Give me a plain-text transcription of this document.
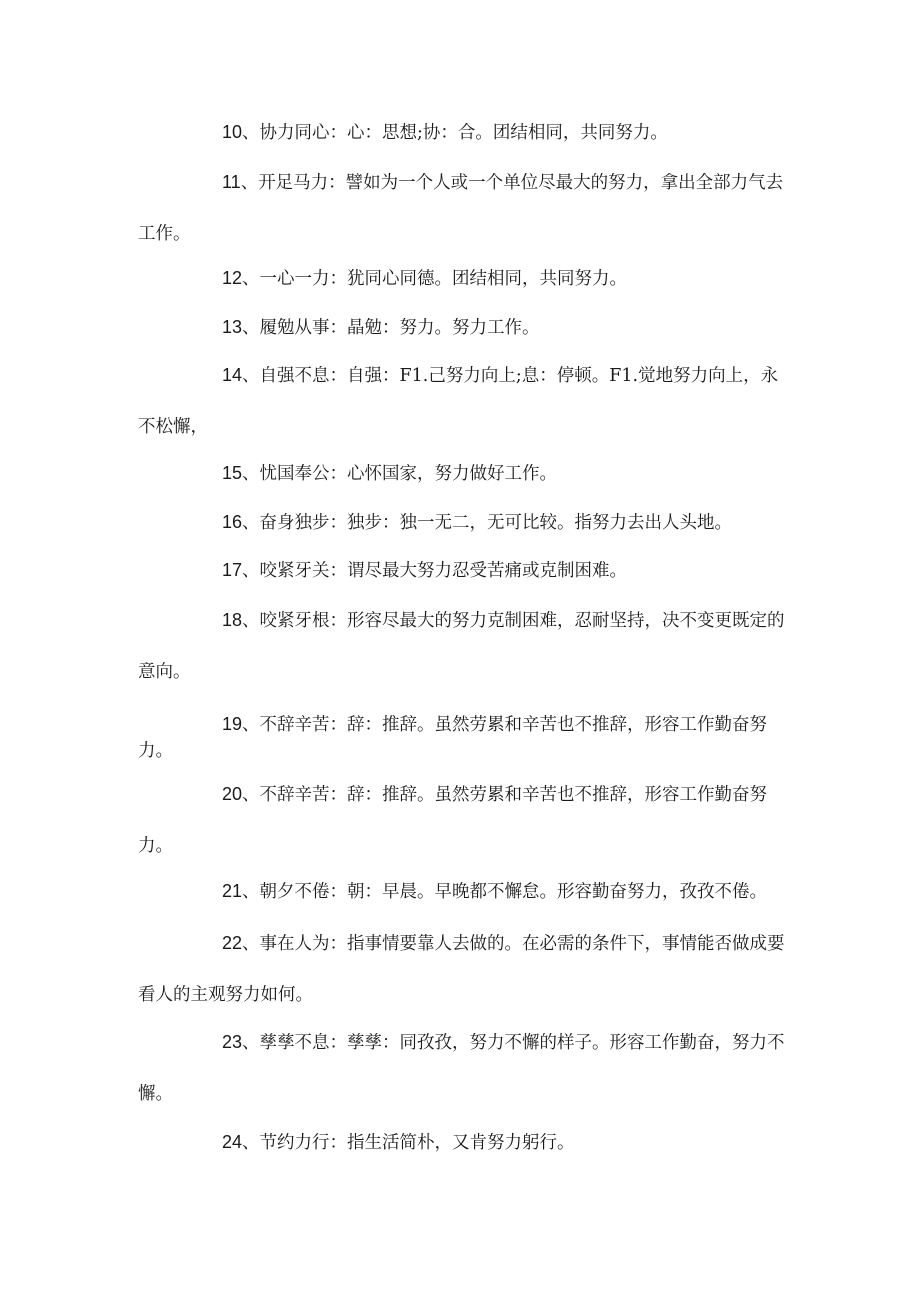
10、协力同心：心：思想;协：合。团结相同，共同努力。

11、开足马力：譬如为一个人或一个单位尽最大的努力，拿出全部力气去工作。

12、一心一力：犹同心同德。团结相同，共同努力。

13、履勉从事：晶勉：努力。努力工作。

14、自强不息：自强：F1.己努力向上;息：停顿。F1.觉地努力向上，永不松懈，

15、忧国奉公：心怀国家，努力做好工作。

16、奋身独步：独步：独一无二，无可比较。指努力去出人头地。

17、咬紧牙关：谓尽最大努力忍受苦痛或克制困难。

18、咬紧牙根：形容尽最大的努力克制困难，忍耐坚持，决不变更既定的意向。

19、不辞辛苦：辞：推辞。虽然劳累和辛苦也不推辞，形容工作勤奋努力。

20、不辞辛苦：辞：推辞。虽然劳累和辛苦也不推辞，形容工作勤奋努力。

21、朝夕不倦：朝：早晨。早晚都不懈怠。形容勤奋努力，孜孜不倦。

22、事在人为：指事情要靠人去做的。在必需的条件下，事情能否做成要看人的主观努力如何。

23、孳孳不息：孳孳：同孜孜，努力不懈的样子。形容工作勤奋，努力不懈。

24、节约力行：指生活简朴，又肯努力躬行。
